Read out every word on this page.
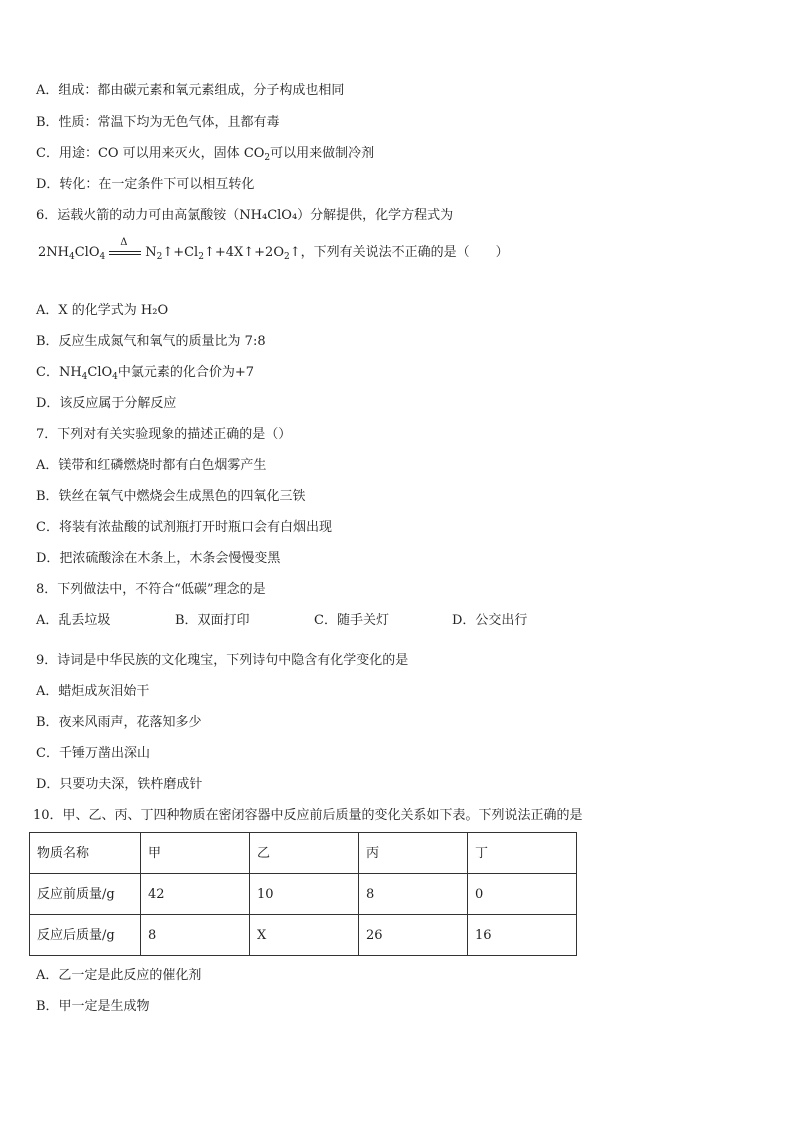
A．组成：都由碳元素和氧元素组成，分子构成也相同
B．性质：常温下均为无色气体，且都有毒
C．用途：CO 可以用来灭火，固体 $CO_2$可以用来做制冷剂
D．转化：在一定条件下可以相互转化
6．运载火箭的动力可由高氯酸铵（NH₄ClO₄）分解提供，化学方程式为
$2NH_4ClO_4$
Δ
$N_2↑+Cl_2↑+4X↑+2O_2↑$，下列有关说法不正确的是（　　）
A．X 的化学式为 H₂O
B．反应生成氮气和氧气的质量比为 7:8
C．$NH_4ClO_4$中氯元素的化合价为+7
D．该反应属于分解反应
7．下列对有关实验现象的描述正确的是（）
A．镁带和红磷燃烧时都有白色烟雾产生
B．铁丝在氧气中燃烧会生成黑色的四氧化三铁
C．将装有浓盐酸的试剂瓶打开时瓶口会有白烟出现
D．把浓硫酸涂在木条上，木条会慢慢变黑
8．下列做法中，不符合“低碳”理念的是
A．乱丢垃圾	B．双面打印	C．随手关灯	D．公交出行
9．诗词是中华民族的文化瑰宝，下列诗句中隐含有化学变化的是
A．蜡炬成灰泪始干
B．夜来风雨声，花落知多少
C．千锤万凿出深山
D．只要功夫深，铁杵磨成针
10．甲、乙、丙、丁四种物质在密闭容器中反应前后质量的变化关系如下表。下列说法正确的是
物质名称	甲	乙	丙	丁
反应前质量/g	42	10	8	0
反应后质量/g	8	X	26	16
A．乙一定是此反应的催化剂
B．甲一定是生成物
